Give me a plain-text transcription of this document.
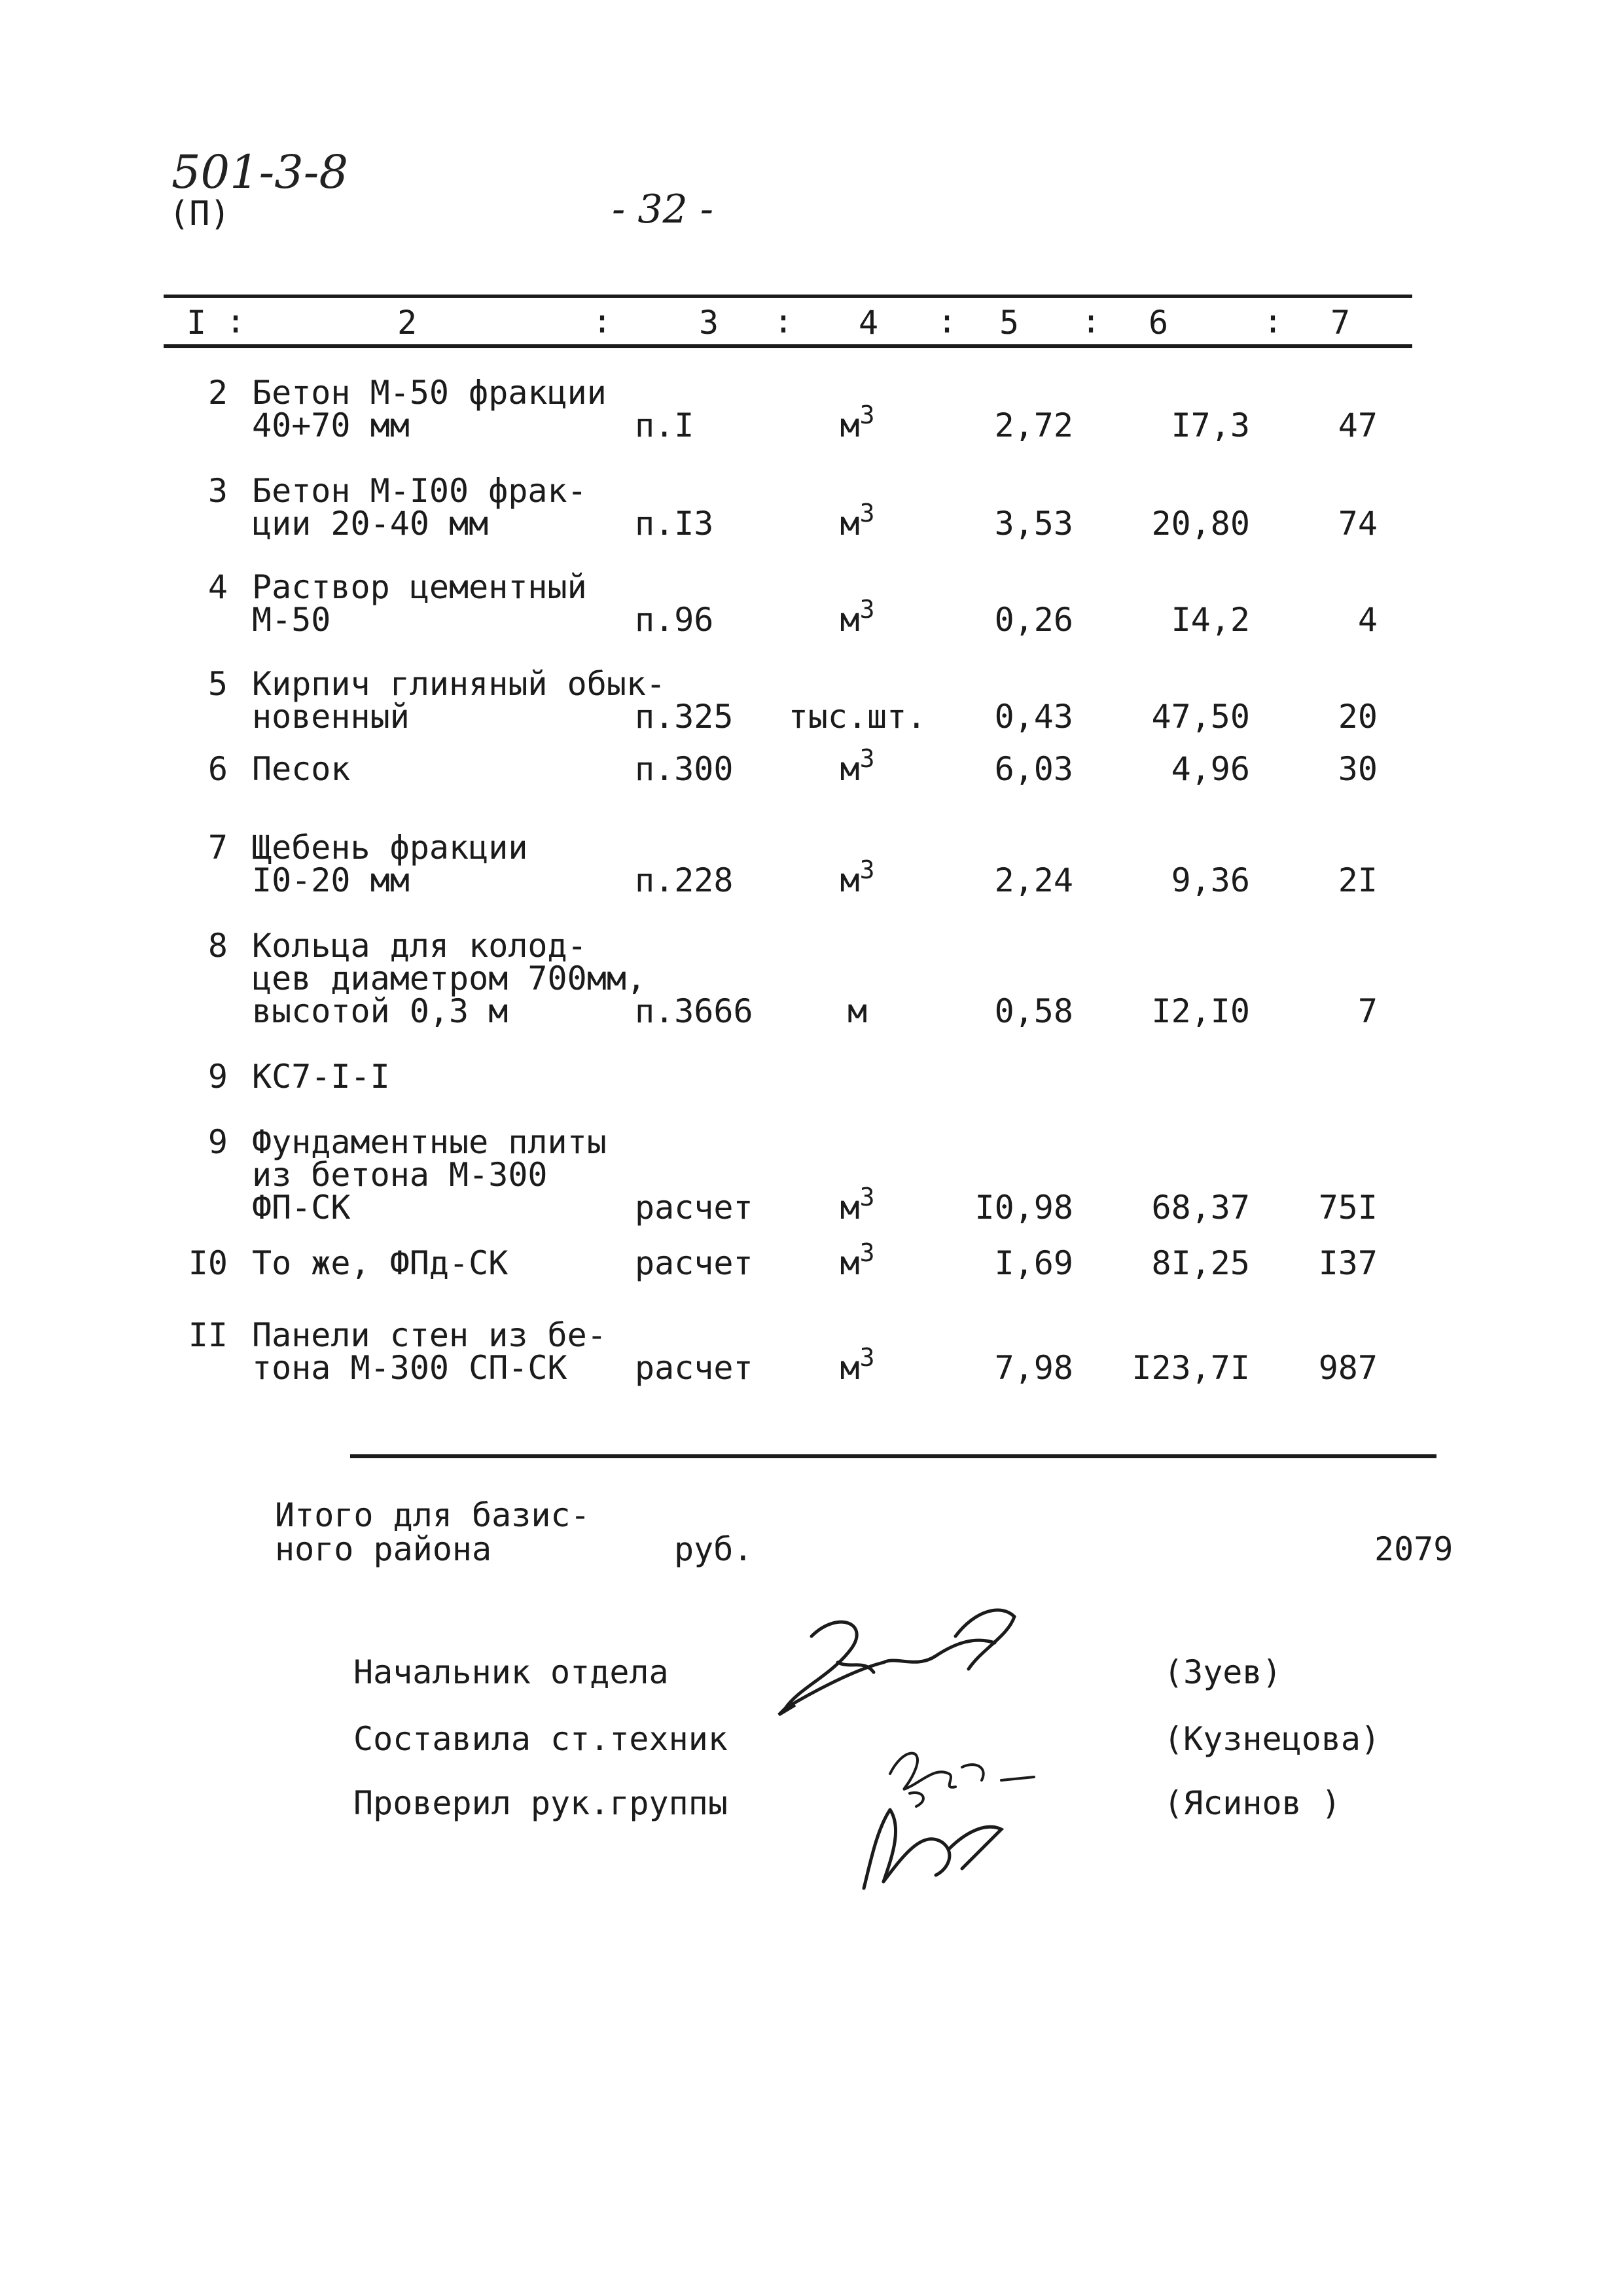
501-3-8
(П)	- 32 -
I	2	3	4	5	6	7
:	:	:	:	:	:
2 Бетон М-50 фракции
40+70 мм	п.I	$м^3$	2,72	I7,3	47
3 Бетон М-I00 фрак-
ции 20-40 мм	п.I3	$м^3$	3,53	20,80	74
4 Раствор цементный
М-50	п.96	$м^3$	0,26	I4,2	4
5 Кирпич глиняный обык-
новенный	п.325	тыс.шт.	0,43	47,50	20
6 Песок	п.300	$м^3$	6,03	4,96	30
7 Щебень фракции
I0-20 мм	п.228	$м^3$	2,24	9,36	2I
8 Кольца для колод-
цев диаметром 700мм,
высотой 0,3 м	п.3666	м	0,58	I2,I0	7
9 КС7-I-I
9 Фундаментные плиты
из бетона М-300
ФП-СК	расчет	$м^3$	I0,98	68,37	75I
I0 То же, ФПд-СК	расчет	$м^3$	I,69	8I,25	I37
II Панели стен из бе-
тона М-300 СП-СК	расчет	$м^3$	7,98	I23,7I	987
Итого для базис-
ного района	руб.	2079
Начальник отдела	(Зуев)
Составила ст.техник	(Кузнецова)
Проверил рук.группы	(Ясинов )
